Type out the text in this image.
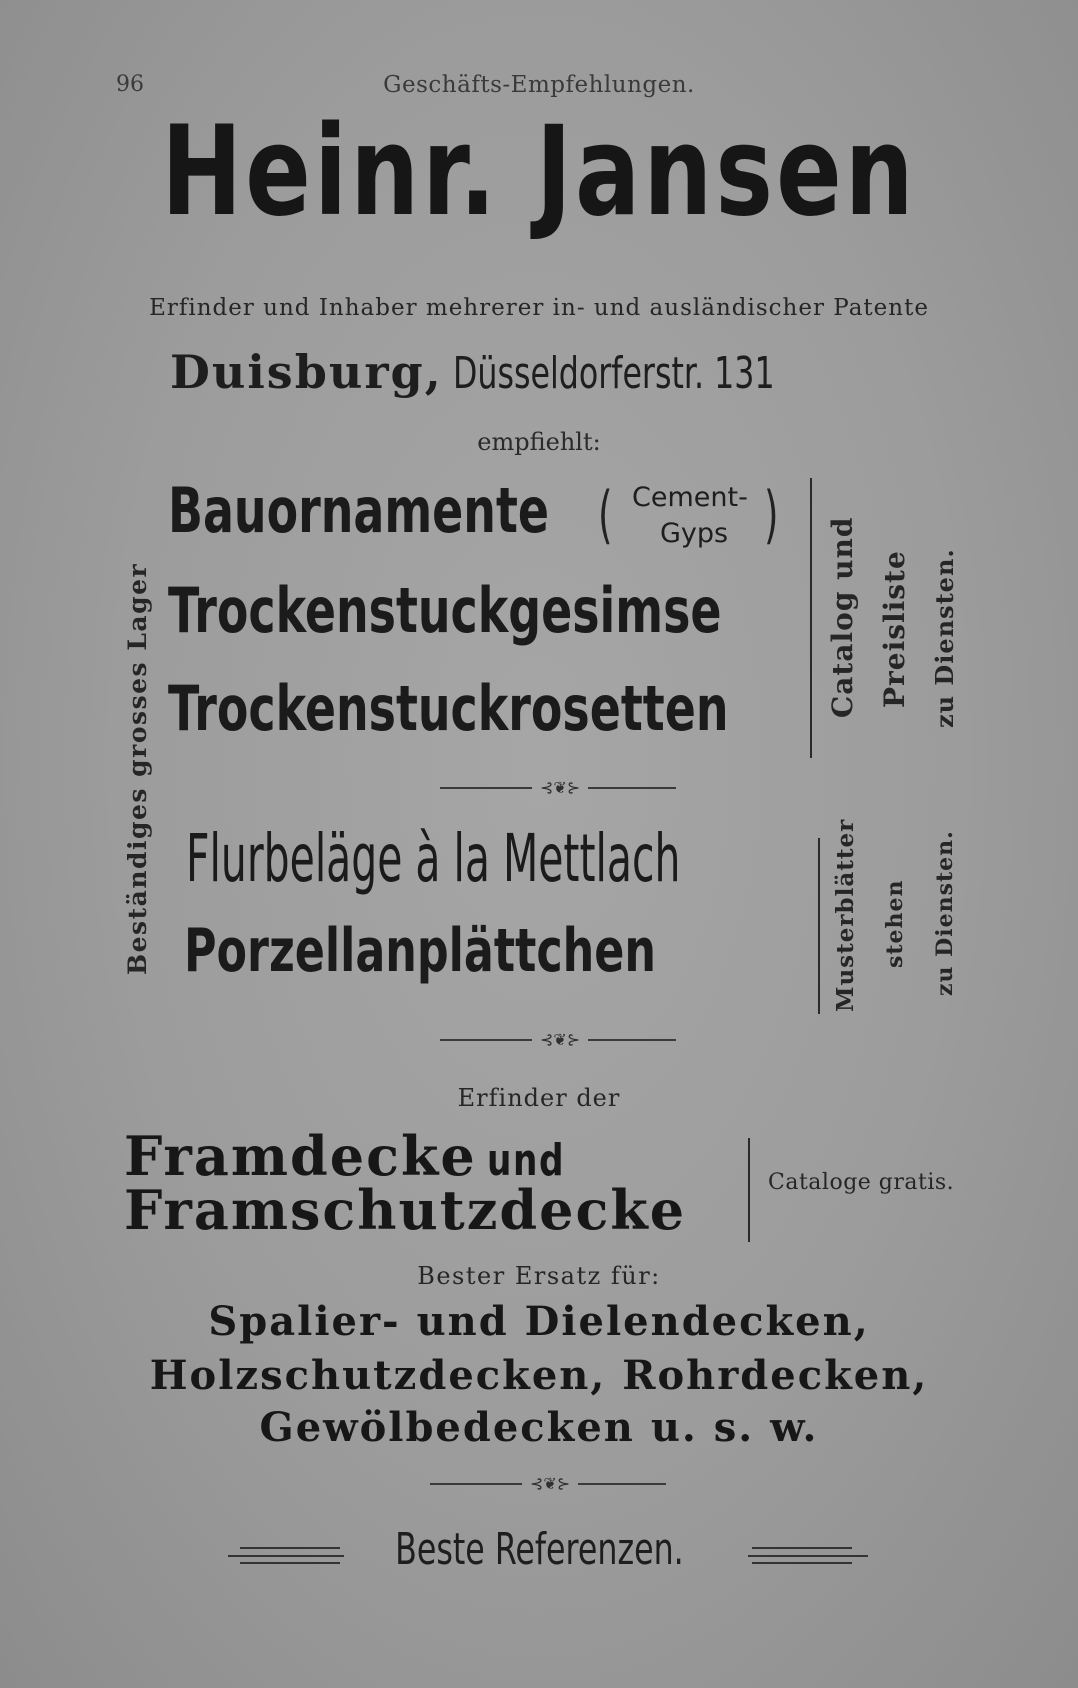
96	Geschäfts-Empfehlungen.
Heinr. Jansen
Erfinder und Inhaber mehrerer in- und ausländischer Patente
Duisburg, Düsseldorferstr. 131
empfiehlt:
Beständiges grosses Lager
Bauornamente ( Cement-
Gyps )
Trockenstuckgesimse
Trockenstuckrosetten	Catalog und Preisliste zu Diensten.
⊰❦⊱
Flurbeläge à la Mettlach
Porzellanplättchen	Musterblätter stehen zu Diensten.
⊰❦⊱
Erfinder der
Framdecke und
Framschutzdecke	Cataloge gratis.
Bester Ersatz für:
Spalier- und Dielendecken,
Holzschutzdecken, Rohrdecken,
Gewölbedecken u. s. w.
⊰❦⊱
Beste Referenzen.
